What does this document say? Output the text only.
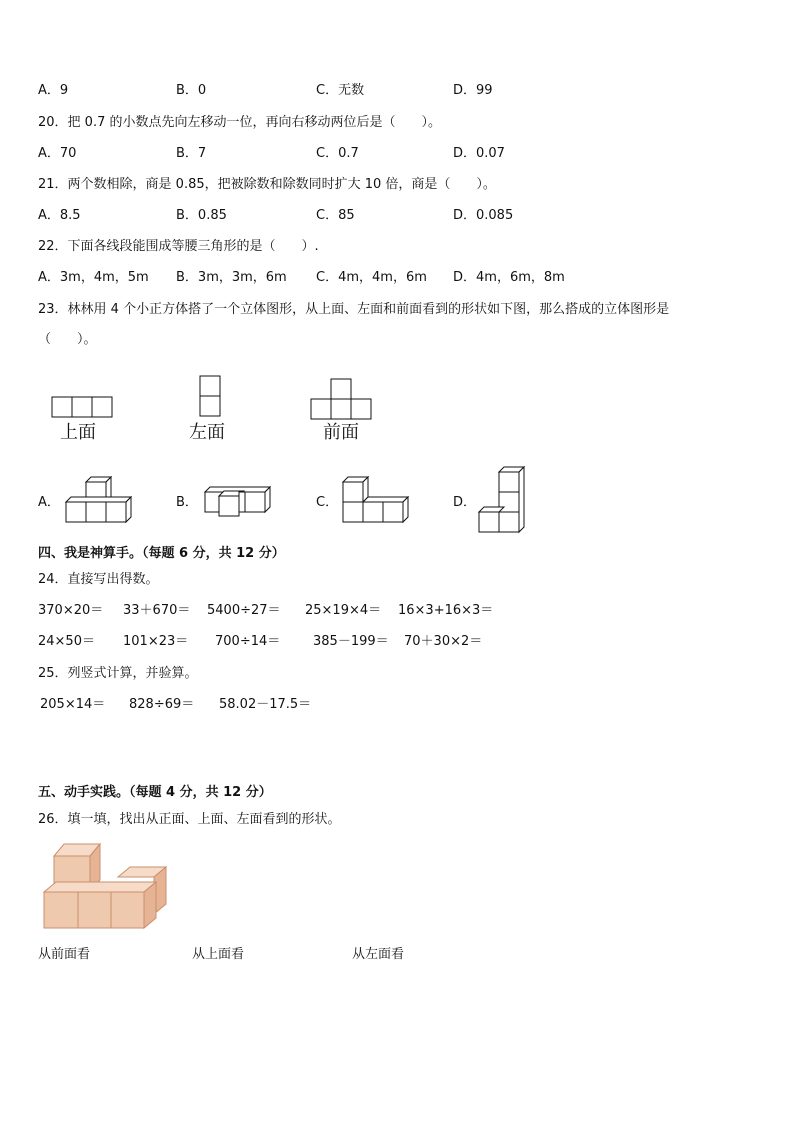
A．9	B．0	C．无数	D．99
20．把 0.7 的小数点先向左移动一位，再向右移动两位后是（　　）。
A．70	B．7	C．0.7	D．0.07
21．两个数相除，商是 0.85，把被除数和除数同时扩大 10 倍，商是（　　）。
A．8.5	B．0.85	C．85	D．0.085
22．下面各线段能围成等腰三角形的是（　　）.
A．3m，4m，5m B．3m，3m，6m C．4m，4m，6m D．4m，6m，8m
23．林林用 4 个小正方体搭了一个立体图形，从上面、左面和前面看到的形状如下图，那么搭成的立体图形是
（　　）。
上面	左面	前面
A．	B．	C．	D．
四、我是神算手。（每题 6 分，共 12 分）
24．直接写出得数。
370×20＝ 33＋670＝ 5400÷27＝ 25×19×4＝ 16×3+16×3＝
24×50＝ 101×23＝ 700÷14＝	385－199＝ 70＋30×2＝
25．列竖式计算，并验算。
205×14＝ 828÷69＝ 58.02－17.5＝
五、动手实践。（每题 4 分，共 12 分）
26．填一填，找出从正面、上面、左面看到的形状。
从前面看	从上面看	从左面看
